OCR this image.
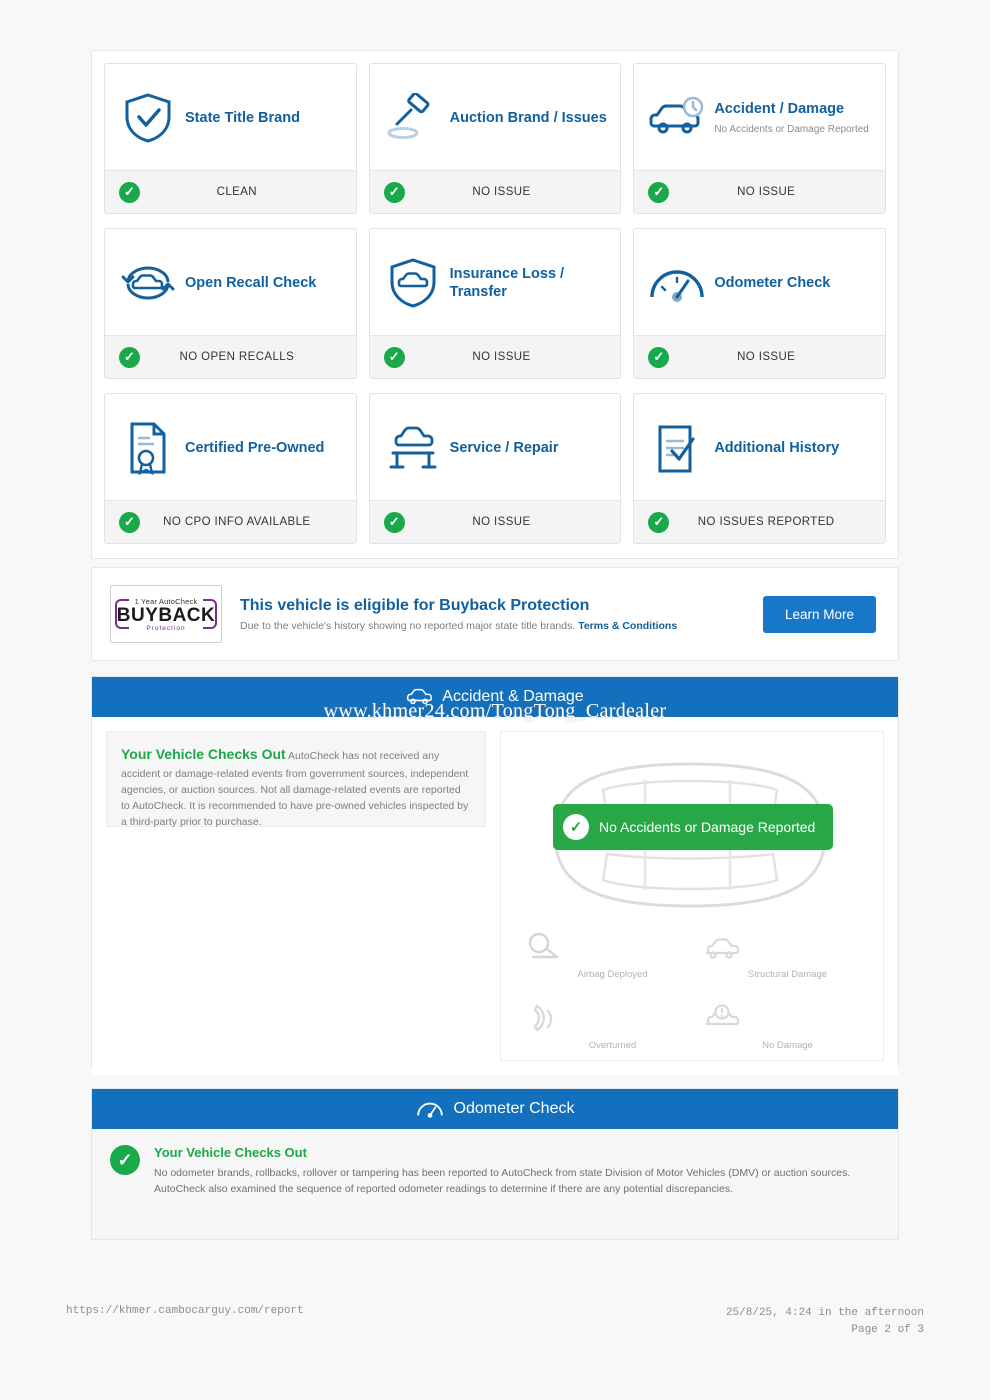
State Title Brand
✓	CLEAN
Auction Brand / Issues
✓	NO ISSUE
Accident / Damage
No Accidents or Damage Reported
✓	NO ISSUE
Open Recall Check
✓	NO OPEN RECALLS
Insurance Loss / Transfer
✓	NO ISSUE
Odometer Check
✓	NO ISSUE
Certified Pre-Owned
✓	NO CPO INFO AVAILABLE
Service / Repair
✓	NO ISSUE
Additional History
✓	NO ISSUES REPORTED
1 Year AutoCheck
BUYBACK
Protection
This vehicle is eligible for Buyback Protection
Due to the vehicle's history showing no reported major state title brands. Terms & Conditions
Learn More
Accident & Damage
Your Vehicle Checks Out AutoCheck has not received any accident or damage-related events from government sources, independent agencies, or auction sources. Not all damage-related events are reported to AutoCheck. It is recommended to have pre-owned vehicles inspected by a third-party prior to purchase.	✓	No Accidents or Damage Reported
Airbag Deployed	Structural Damage
Overturned	No Damage
Odometer Check
✓	Your Vehicle Checks Out
No odometer brands, rollbacks, rollover or tampering has been reported to AutoCheck from state Division of Motor Vehicles (DMV) or auction sources. AutoCheck also examined the sequence of reported odometer readings to determine if there are any potential discrepancies.
www.khmer24.com/TongTong_Cardealer
https://khmer.cambocarguy.com/report	25/8/25, 4:24 in the afternoon
Page 2 of 3
